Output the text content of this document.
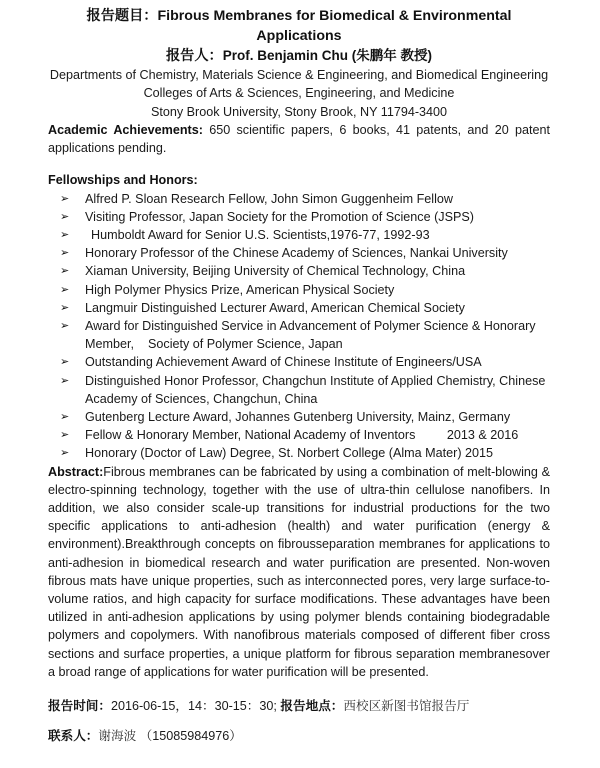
报告题目：Fibrous Membranes for Biomedical & Environmental Applications
报告人：Prof. Benjamin Chu (朱鹏年 教授)
Departments of Chemistry, Materials Science & Engineering, and Biomedical Engineering
Colleges of Arts & Sciences, Engineering, and Medicine
Stony Brook University, Stony Brook, NY 11794-3400
Academic Achievements: 650 scientific papers, 6 books, 41 patents, and 20 patent applications pending.
Fellowships and Honors:
➢ Alfred P. Sloan Research Fellow, John Simon Guggenheim Fellow
➢ Visiting Professor, Japan Society for the Promotion of Science (JSPS)
➢ Humboldt Award for Senior U.S. Scientists,1976-77, 1992-93
➢ Honorary Professor of the Chinese Academy of Sciences, Nankai University
➢ Xiaman University, Beijing University of Chemical Technology, China
➢ High Polymer Physics Prize, American Physical Society
➢ Langmuir Distinguished Lecturer Award, American Chemical Society
➢ Award for Distinguished Service in Advancement of Polymer Science & Honorary Member,    Society of Polymer Science, Japan
➢ Outstanding Achievement Award of Chinese Institute of Engineers/USA
➢ Distinguished Honor Professor, Changchun Institute of Applied Chemistry, Chinese Academy of Sciences, Changchun, China
➢ Gutenberg Lecture Award, Johannes Gutenberg University, Mainz, Germany
➢ Fellow & Honorary Member, National Academy of Inventors         2013 & 2016
➢ Honorary (Doctor of Law) Degree, St. Norbert College (Alma Mater) 2015
Abstract:Fibrous membranes can be fabricated by using a combination of melt-blowing & electro-spinning technology, together with the use of ultra-thin cellulose nanofibers. In addition, we also consider scale-up transitions for industrial productions for the two specific applications to anti-adhesion (health) and water purification (energy & environment).Breakthrough concepts on fibrousseparation membranes for applications to anti-adhesion in biomedical research and water purification are presented. Non-woven fibrous mats have unique properties, such as interconnected pores, very large surface-to-volume ratios, and high capacity for surface modifications. These advantages have been utilized in anti-adhesion applications by using polymer blends containing biodegradable polymers and copolymers. With nanofibrous materials composed of different fiber cross sections and surface properties, a unique platform for fibrous separation membranesover a broad range of applications for water purification will be presented.
报告时间：2016-06-15，14：30-15：30; 报告地点：西校区新图书馆报告厅
联系人：谢海波 （15085984976）
